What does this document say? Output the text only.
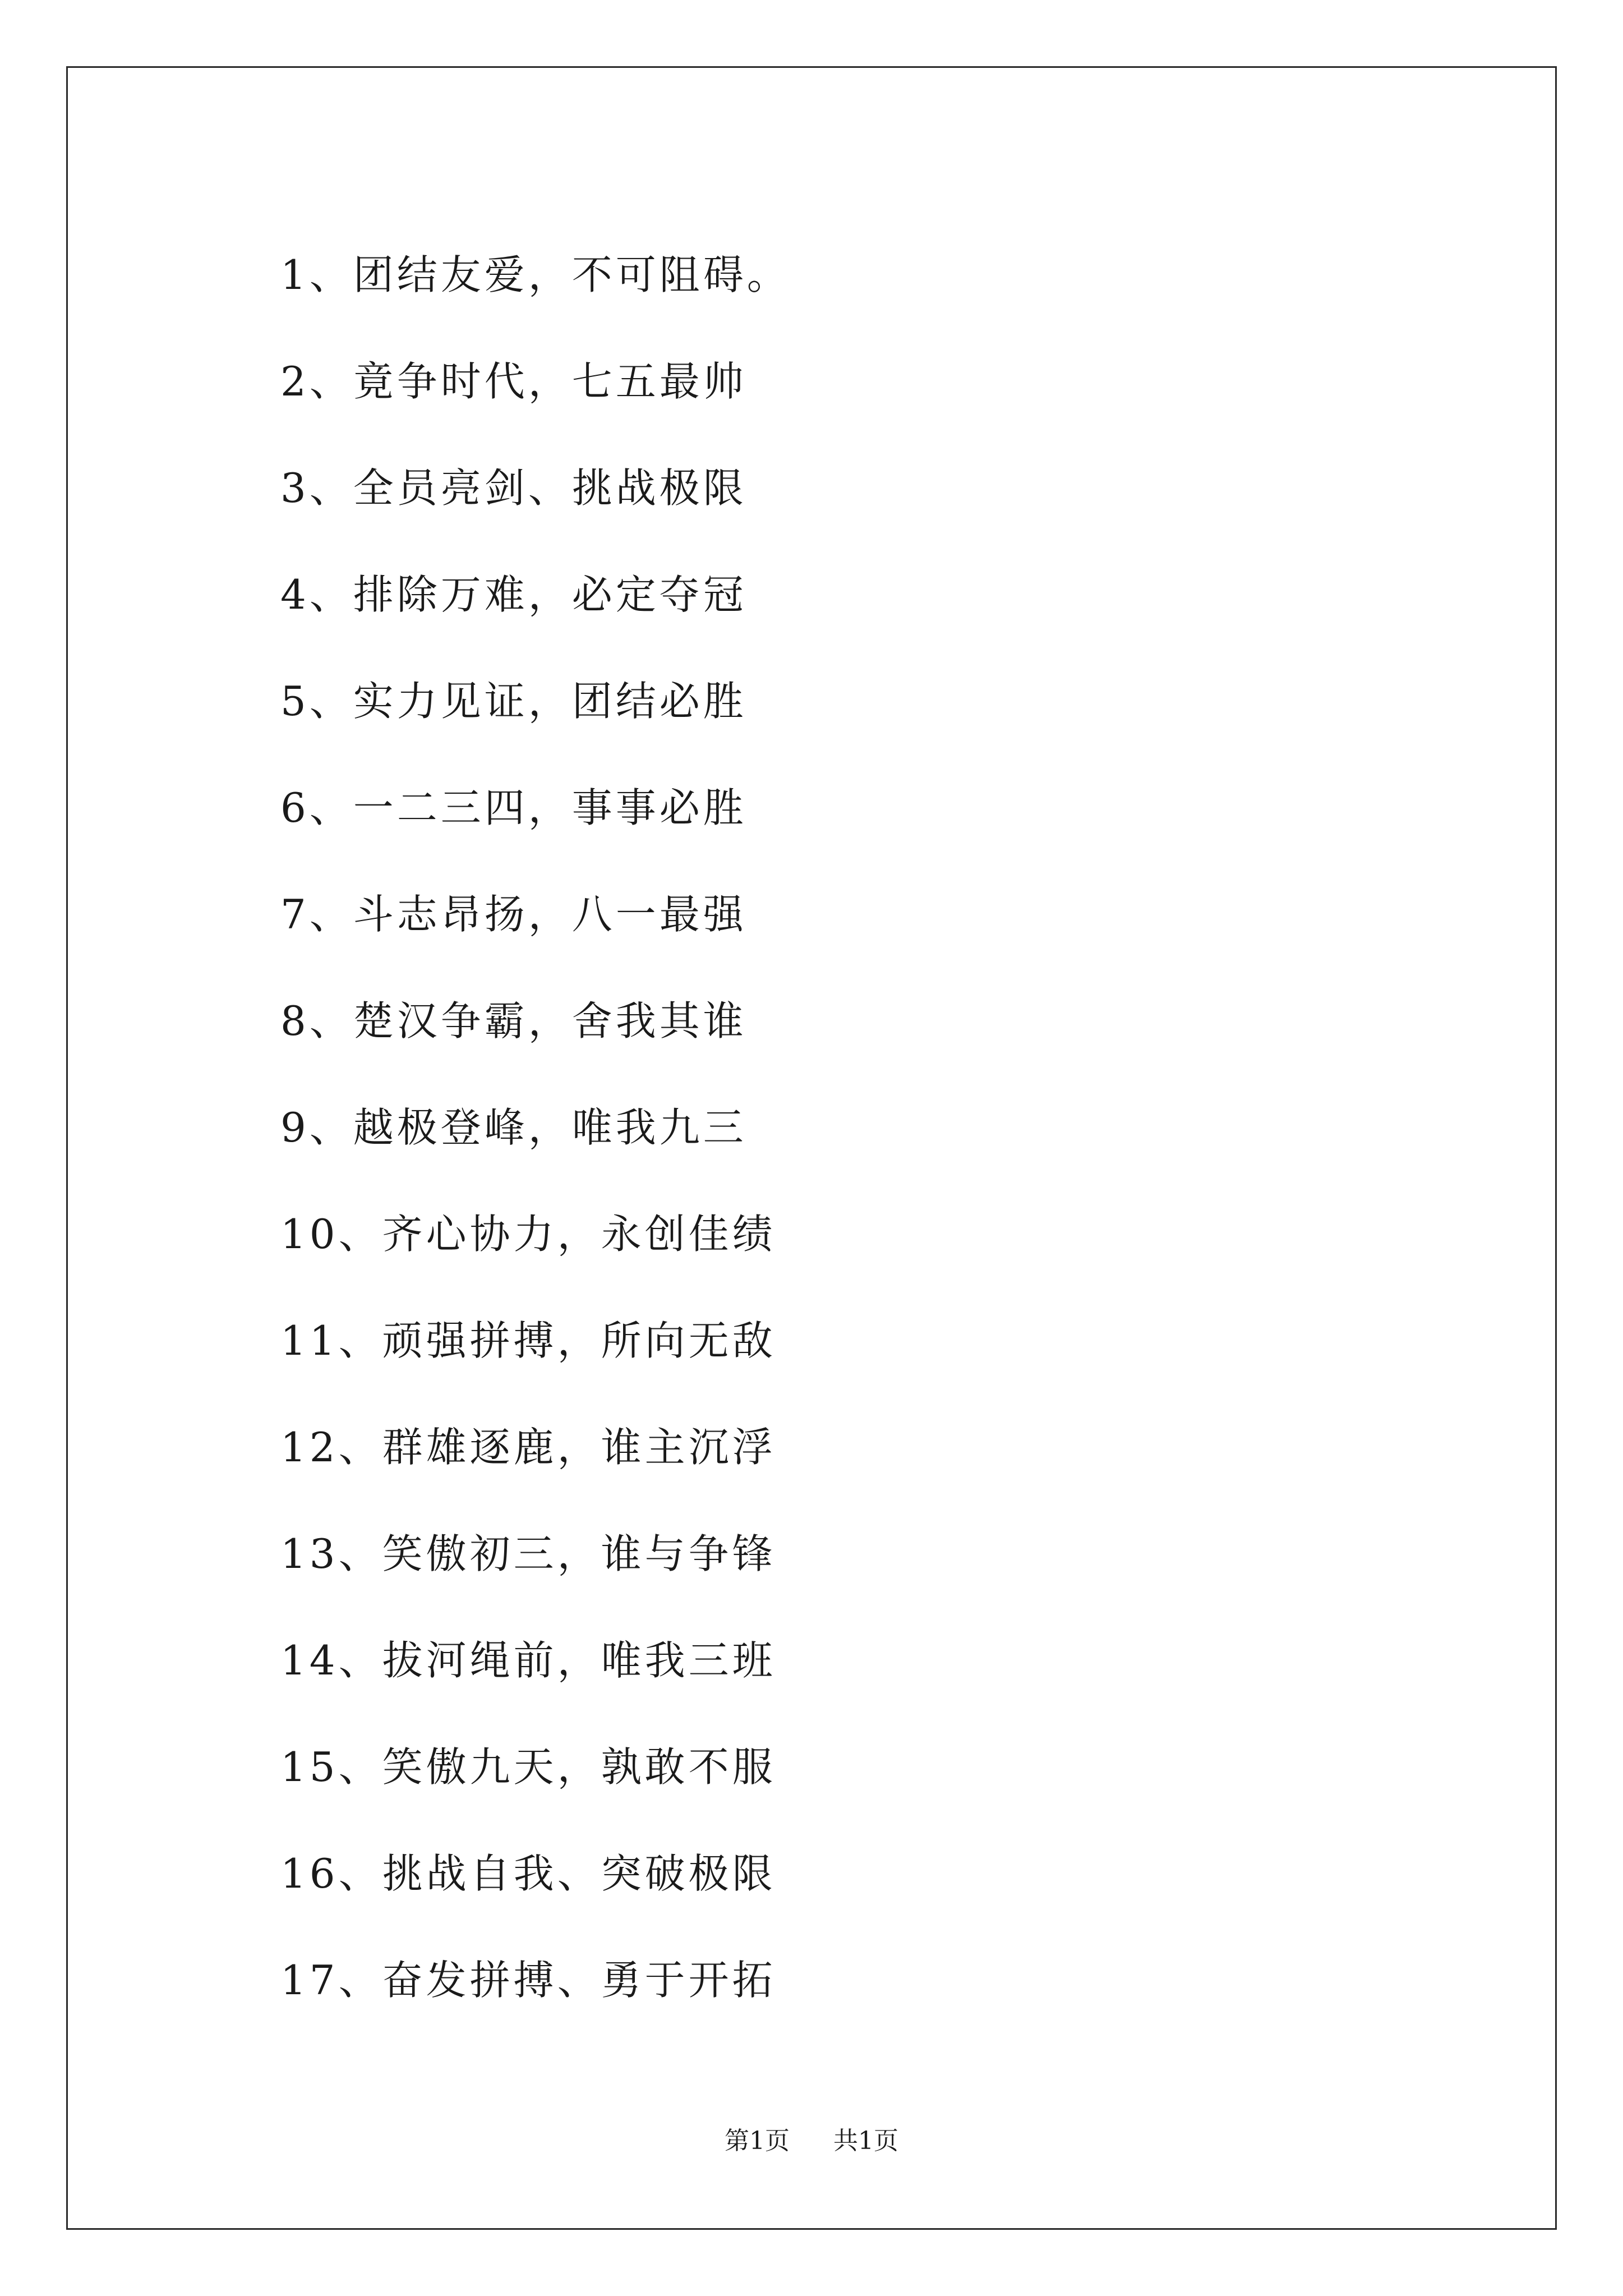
1、团结友爱，不可阻碍。
2、竟争时代，七五最帅
3、全员亮剑、挑战极限
4、排除万难，必定夺冠
5、实力见证，团结必胜
6、一二三四，事事必胜
7、斗志昂扬，八一最强
8、楚汉争霸，舍我其谁
9、越极登峰，唯我九三
10、齐心协力，永创佳绩
11、顽强拼搏，所向无敌
12、群雄逐鹿，谁主沉浮
13、笑傲初三，谁与争锋
14、拔河绳前，唯我三班
15、笑傲九天，孰敢不服
16、挑战自我、突破极限
17、奋发拼搏、勇于开拓
第1页 共1页
